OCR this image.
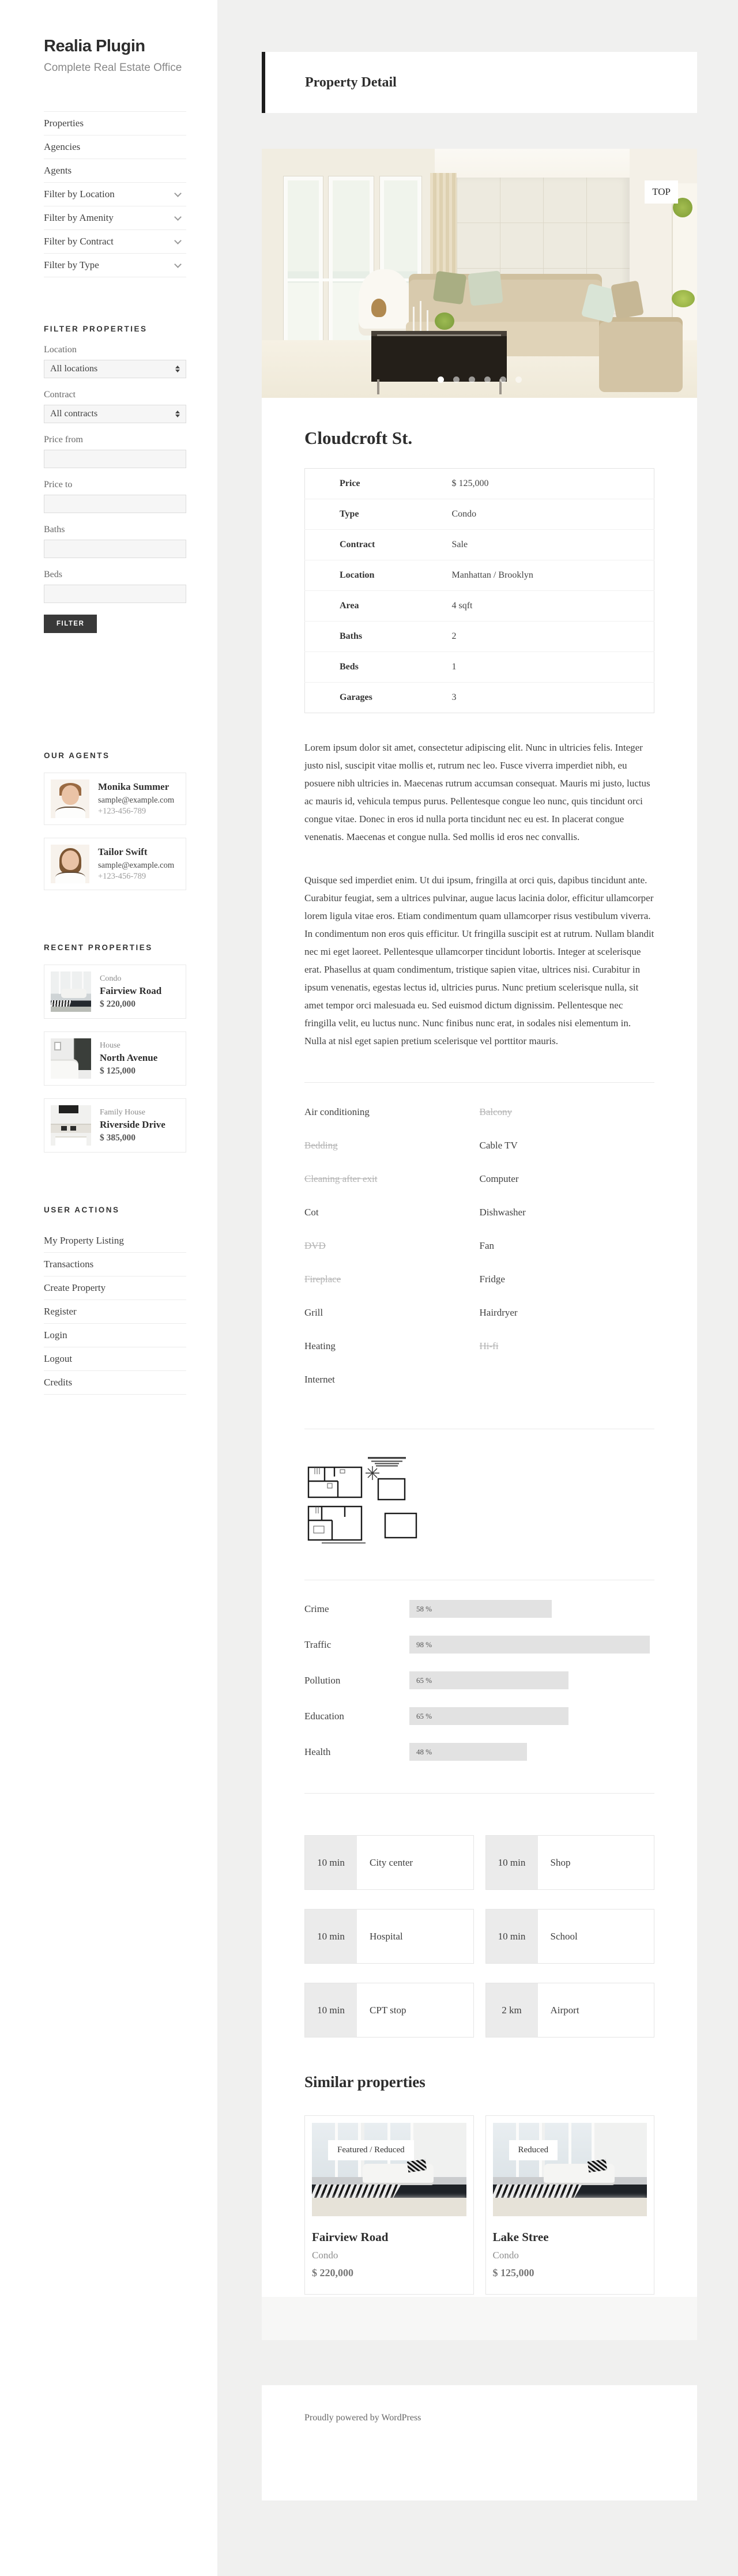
Realia Plugin
Complete Real Estate Office
Properties
Agencies
Agents
Filter by Location
Filter by Amenity
Filter by Contract
Filter by Type
FILTER PROPERTIES
Location
All locations
Contract
All contracts
Price from
Price to
Baths
Beds
FILTER
OUR AGENTS
Monika Summer
sample@example.com
+123-456-789
Tailor Swift
sample@example.com
+123-456-789
RECENT PROPERTIES
Condo
Fairview Road
$ 220,000
House
North Avenue
$ 125,000
Family House
Riverside Drive
$ 385,000
USER ACTIONS
My Property Listing
Transactions
Create Property
Register
Login
Logout
Credits
Property Detail
TOP
Cloudcroft St.
Price	$ 125,000
Type	Condo
Contract	Sale
Location	Manhattan / Brooklyn
Area	4 sqft
Baths	2
Beds	1
Garages	3

Lorem ipsum dolor sit amet, consectetur adipiscing elit. Nunc in ultricies felis. Integer justo nisl, suscipit vitae mollis et, rutrum nec leo. Fusce viverra imperdiet nibh, eu posuere nibh ultricies in. Maecenas rutrum accumsan consequat. Mauris mi justo, luctus ac mauris id, vehicula tempus purus. Pellentesque congue leo nunc, quis tincidunt orci congue vitae. Donec in eros id nulla porta tincidunt nec eu est. In placerat congue venenatis. Maecenas et congue nulla. Sed mollis id eros nec convallis.

Quisque sed imperdiet enim. Ut dui ipsum, fringilla at orci quis, dapibus tincidunt ante. Curabitur feugiat, sem a ultrices pulvinar, augue lacus lacinia dolor, efficitur ullamcorper lorem ligula vitae eros. Etiam condimentum quam ullamcorper risus vestibulum viverra. In condimentum non eros quis efficitur. Ut fringilla suscipit est at rutrum. Nullam blandit nec mi eget laoreet. Pellentesque ullamcorper tincidunt lobortis. Integer at scelerisque erat. Phasellus at quam condimentum, tristique sapien vitae, ultrices nisi. Curabitur in ipsum venenatis, egestas lectus id, ultricies purus. Nunc pretium scelerisque nulla, sit amet tempor orci malesuada eu. Sed euismod dictum dignissim. Pellentesque nec fringilla velit, eu luctus nunc. Nunc finibus nunc erat, in sodales nisi elementum in. Nulla at nisl eget sapien pretium scelerisque vel porttitor mauris.

Air conditioning	Balcony
Bedding	Cable TV
Cleaning after exit	Computer
Cot	Dishwasher
DVD	Fan
Fireplace	Fridge
Grill	Hairdryer
Heating	Hi-fi
Internet
Crime	58 %
Traffic	98 %
Pollution	65 %
Education	65 %
Health	48 %
10 min	City center	10 min	Shop
10 min	Hospital	10 min	School
10 min	CPT stop	2 km	Airport
Similar properties
Featured / Reduced
Fairview Road
Condo
$ 220,000
Reduced
Lake Stree
Condo
$ 125,000
Proudly powered by WordPress
